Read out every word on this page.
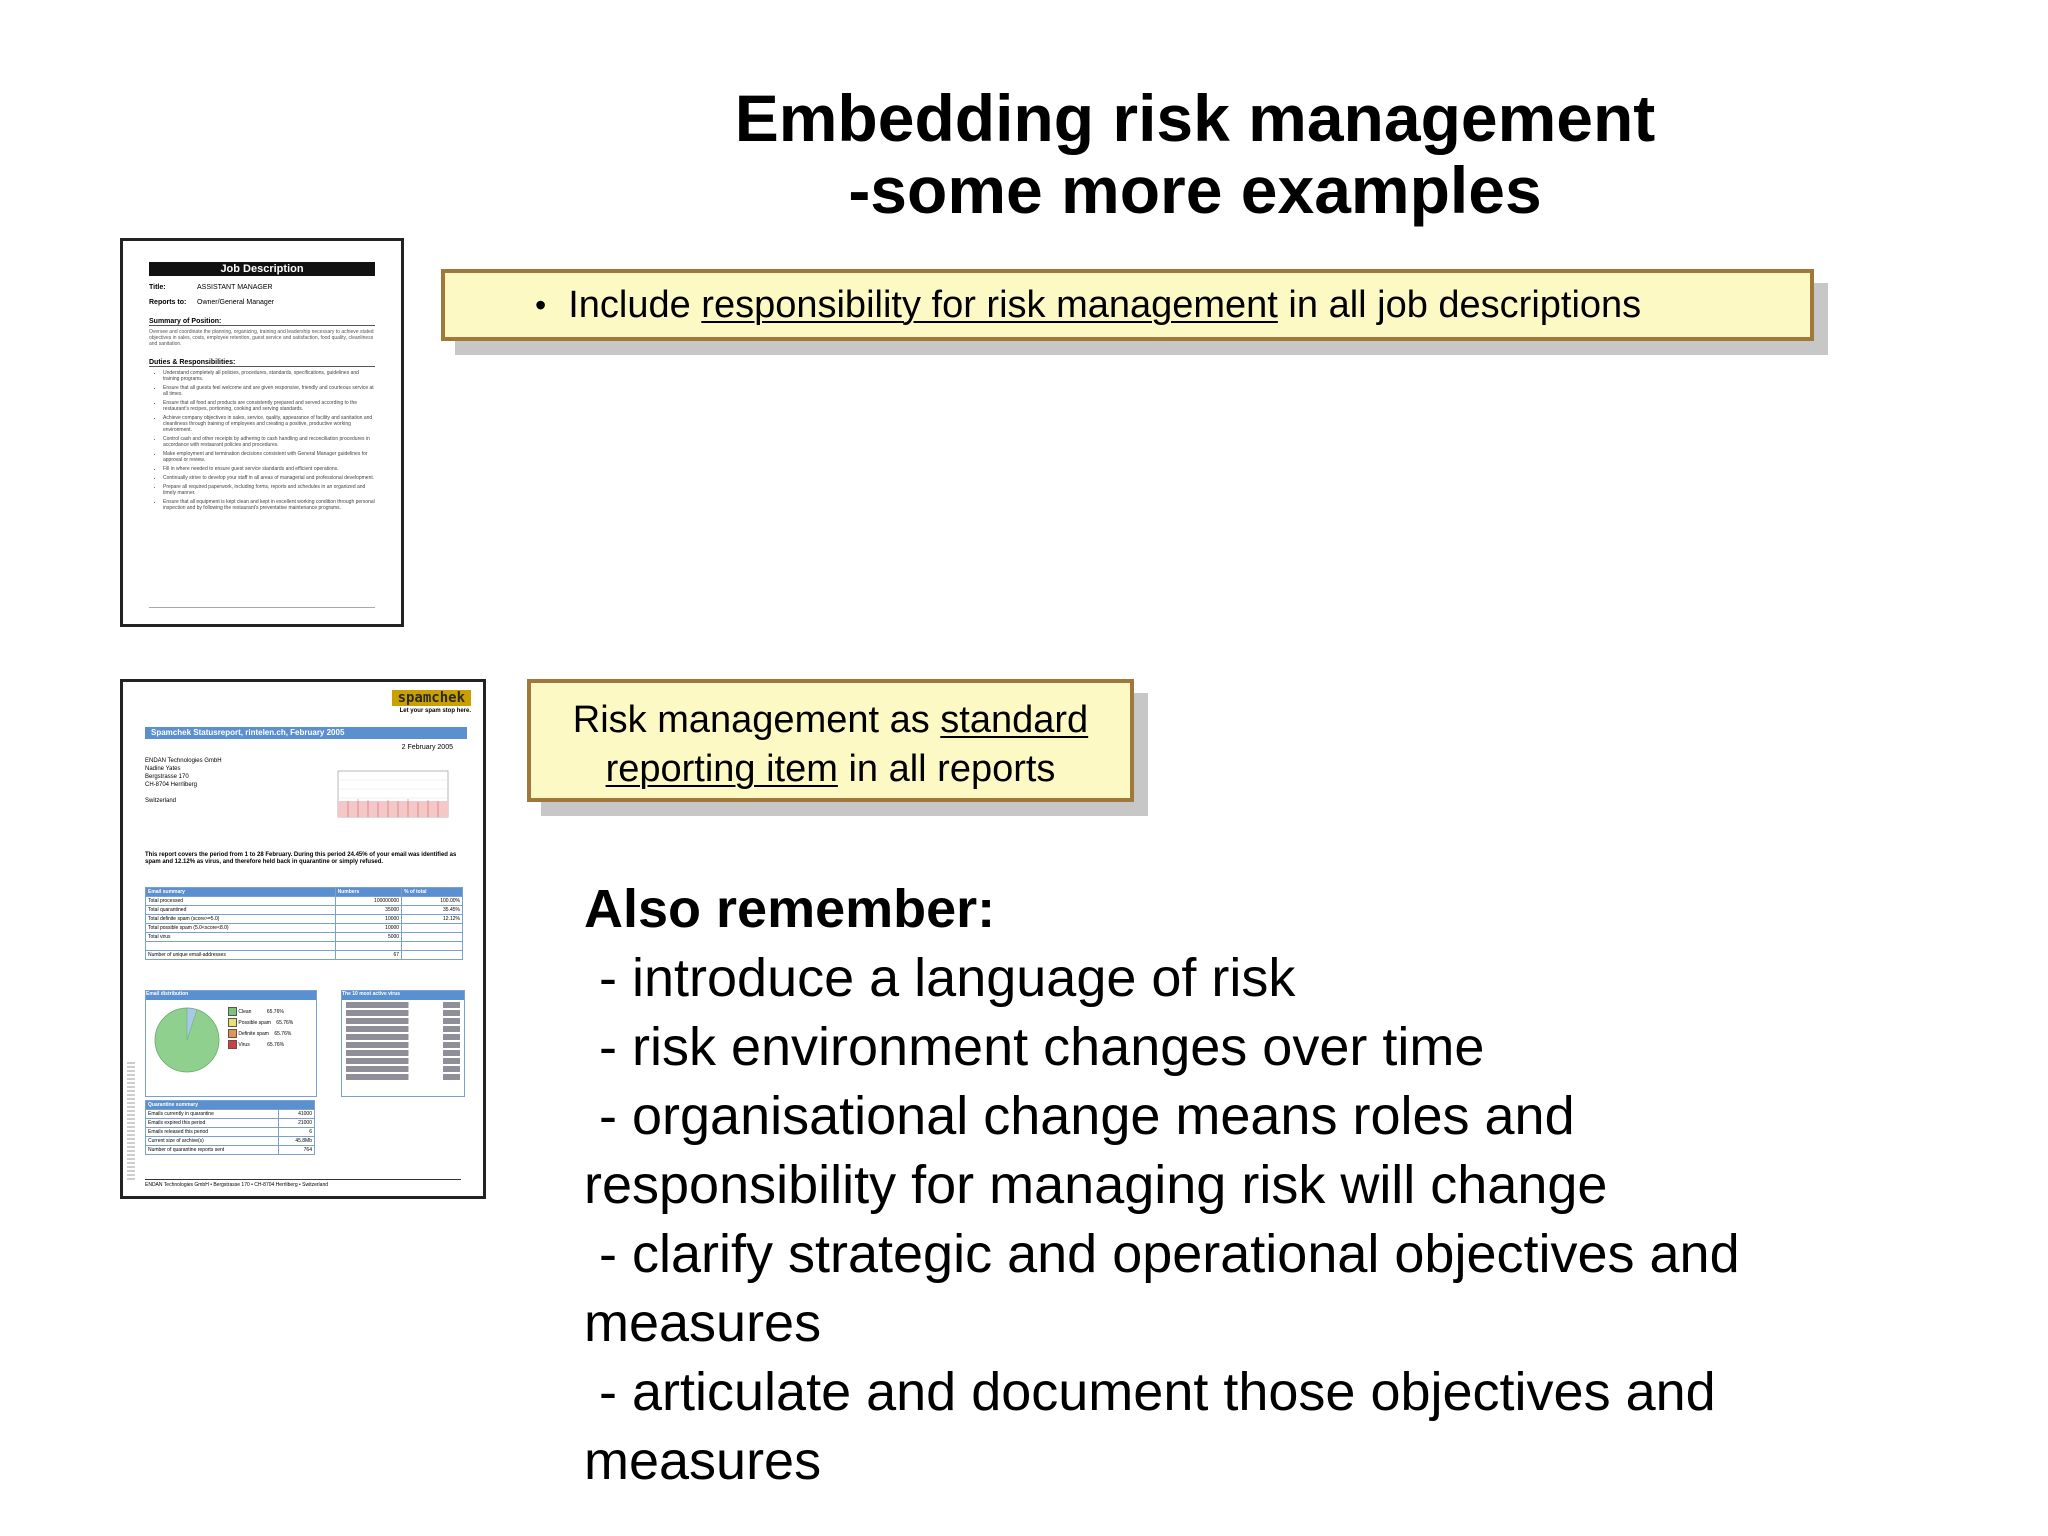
Embedding risk management
-some more examples
Job Description
Title:	ASSISTANT MANAGER
Reports to:	Owner/General Manager
Summary of Position:
Oversee and coordinate the planning, organizing, training and leadership necessary to achieve stated objectives in sales, costs, employee retention, guest service and satisfaction, food quality, cleanliness and sanitation.
Duties & Responsibilities:
• Understand completely all policies, procedures, standards, specifications, guidelines and training programs.
• Ensure that all guests feel welcome and are given responsive, friendly and courteous service at all times.
• Ensure that all food and products are consistently prepared and served according to the restaurant's recipes, portioning, cooking and serving standards.
• Achieve company objectives in sales, service, quality, appearance of facility and sanitation and cleanliness through training of employees and creating a positive, productive working environment.
• Control cash and other receipts by adhering to cash handling and reconciliation procedures in accordance with restaurant policies and procedures.
• Make employment and termination decisions consistent with General Manager guidelines for approval or review.
• Fill in where needed to ensure guest service standards and efficient operations.
• Continually strive to develop your staff in all areas of managerial and professional development.
• Prepare all required paperwork, including forms, reports and schedules in an organized and timely manner.
• Ensure that all equipment is kept clean and kept in excellent working condition through personal inspection and by following the restaurant's preventative maintenance programs.
• Include responsibility for risk management in all job descriptions
spamchek
Let your spam stop here.
Spamchek Statusreport, rintelen.ch, February 2005
2 February 2005
ENDAN Technologies GmbH
Nadine Yates
Bergstrasse 170
CH-8704 Herrliberg

Switzerland
This report covers the period from 1 to 28 February. During this period 24.45% of your email was identified as spam and 12.12% as virus, and therefore held back in quarantine or simply refused.
Email summary	Numbers	% of total
Total processed	100000000	100.00%
Total quarantined	35000	35.45%
Total definite spam (score>=5.0)	10000	12.12%
Total possible spam (5.0<score<8.0)	10000	
Total virus	5000	

Number of unique email-addresses	67	
Email distribution
Clean	65.76%
Possible spam 65.76%
Definite spam 65.76%
Virus	65.76%
The 10 most active virus
Quarantine summary	
Emails currently in quarantine	41000
Emails expired this period	21000
Emails released this period	6
Current size of archive(s)	45.8Mb
Number of quarantine reports sent	764
ENDAN Technologies GmbH • Bergstrasse 170 • CH-8704 Herrliberg • Switzerland
Risk management as standard
reporting item in all reports
Also remember:
- introduce a language of risk
- risk environment changes over time
- organisational change means roles and
responsibility for managing risk will change
- clarify strategic and operational objectives and
measures
- articulate and document those objectives and
measures
